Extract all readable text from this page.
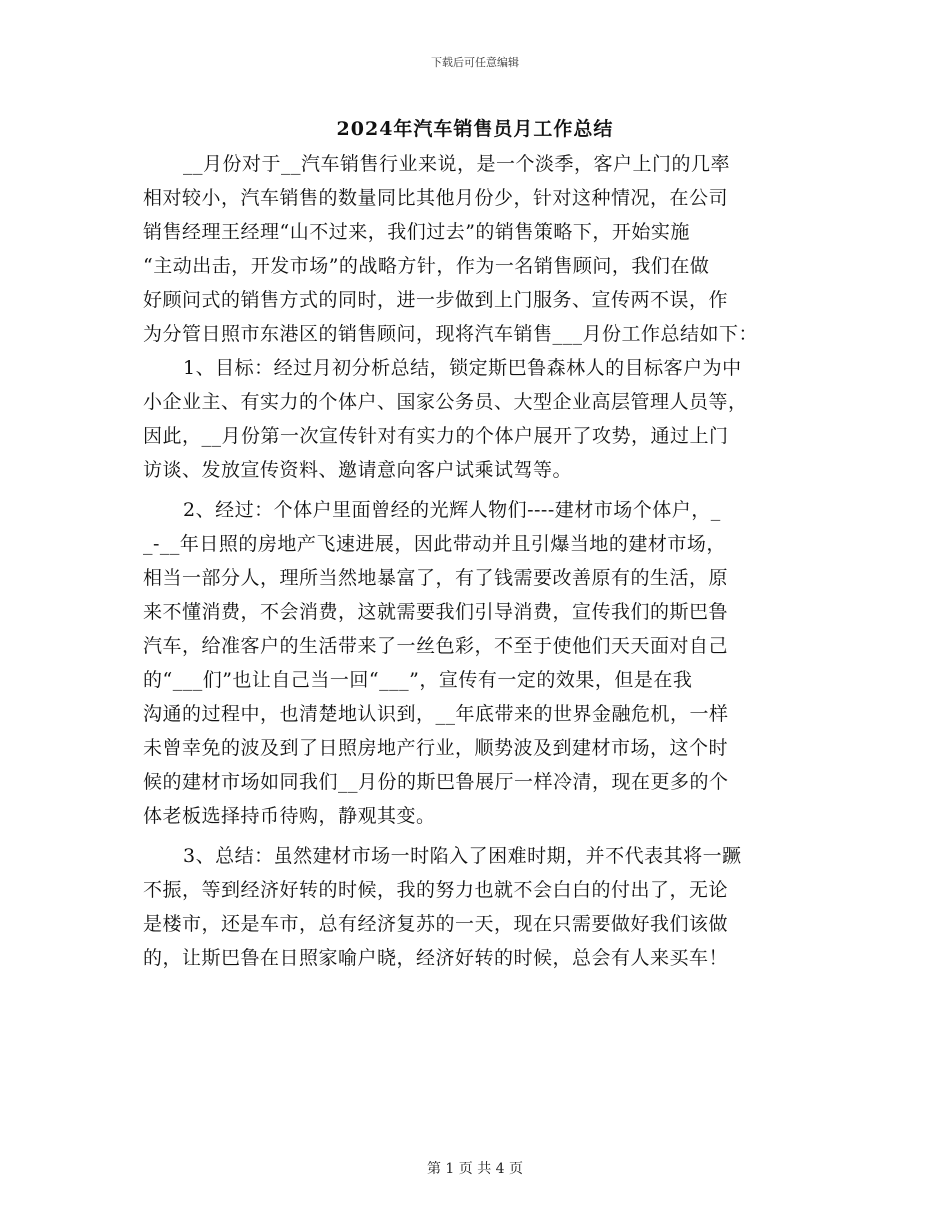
下载后可任意编辑
2024年汽车销售员月工作总结
__月份对于__汽车销售行业来说，是一个淡季，客户上门的几率
相对较小，汽车销售的数量同比其他月份少，针对这种情况，在公司
销售经理王经理“山不过来，我们过去”的销售策略下，开始实施
“主动出击，开发市场”的战略方针，作为一名销售顾问，我们在做
好顾问式的销售方式的同时，进一步做到上门服务、宣传两不误，作
为分管日照市东港区的销售顾问，现将汽车销售___月份工作总结如下：
1、目标：经过月初分析总结，锁定斯巴鲁森林人的目标客户为中
小企业主、有实力的个体户、国家公务员、大型企业高层管理人员等，
因此，__月份第一次宣传针对有实力的个体户展开了攻势，通过上门
访谈、发放宣传资料、邀请意向客户试乘试驾等。
2、经过：个体户里面曾经的光辉人物们----建材市场个体户，_
_-__年日照的房地产飞速进展，因此带动并且引爆当地的建材市场，
相当一部分人，理所当然地暴富了，有了钱需要改善原有的生活，原
来不懂消费，不会消费，这就需要我们引导消费，宣传我们的斯巴鲁
汽车，给准客户的生活带来了一丝色彩，不至于使他们天天面对自己
的“___们”也让自己当一回“___”，宣传有一定的效果，但是在我
沟通的过程中，也清楚地认识到，__年底带来的世界金融危机，一样
未曾幸免的波及到了日照房地产行业，顺势波及到建材市场，这个时
候的建材市场如同我们__月份的斯巴鲁展厅一样冷清，现在更多的个
体老板选择持币待购，静观其变。
3、总结：虽然建材市场一时陷入了困难时期，并不代表其将一蹶
不振，等到经济好转的时候，我的努力也就不会白白的付出了，无论
是楼市，还是车市，总有经济复苏的一天，现在只需要做好我们该做
的，让斯巴鲁在日照家喻户晓，经济好转的时候，总会有人来买车！
第 1 页 共 4 页
